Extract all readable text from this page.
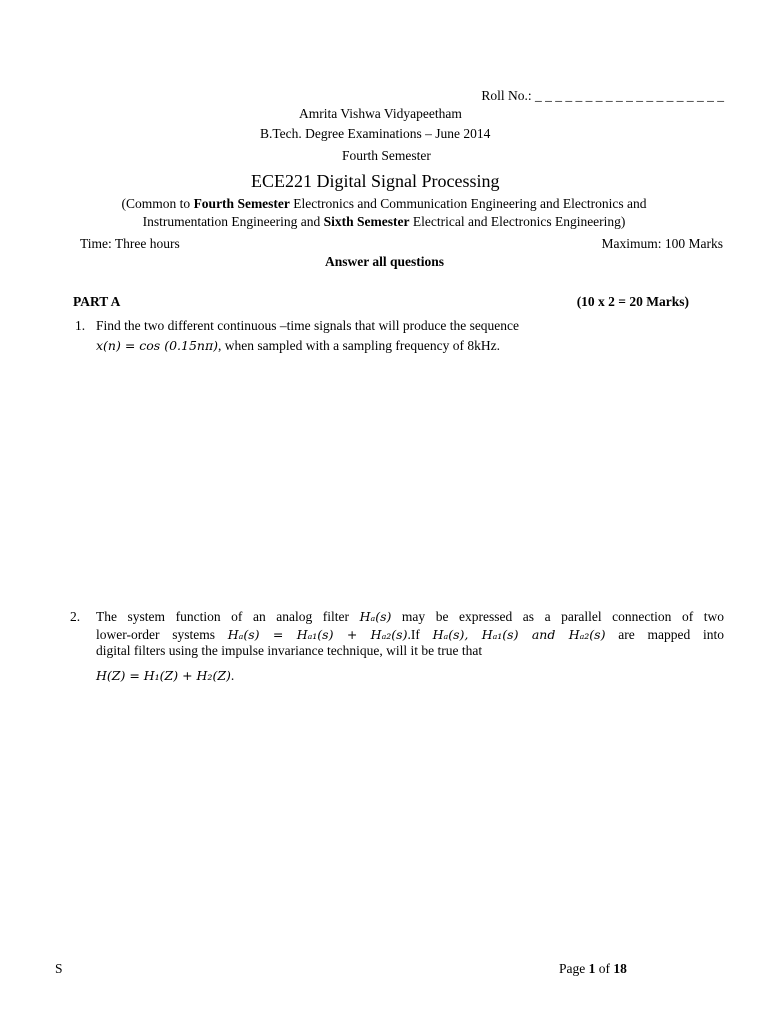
Roll No.: _ _ _ _ _ _ _ _ _ _ _ _ _ _ _ _ _ _ _
Amrita Vishwa Vidyapeetham
B.Tech. Degree Examinations – June 2014
Fourth Semester
ECE221 Digital Signal Processing
(Common to Fourth Semester Electronics and Communication Engineering and Electronics and
Instrumentation Engineering and Sixth Semester Electrical and Electronics Engineering)
Time: Three hours	Maximum: 100 Marks
Answer all questions
PART A	(10 x 2 = 20 Marks)
1. Find the two different continuous –time signals that will produce the sequence
x(n) = cos (0.15nπ), when sampled with a sampling frequency of 8kHz.
2. The system function of an analog filter Hₐ(s) may be expressed as a parallel connection of two
lower-order systems Hₐ(s) = Hₐ₁(s) + Hₐ₂(s).If Hₐ(s), Hₐ₁(s) and Hₐ₂(s) are mapped into
digital filters using the impulse invariance technique, will it be true that
H(Z) = H₁(Z) + H₂(Z).
S	Page 1 of 18
